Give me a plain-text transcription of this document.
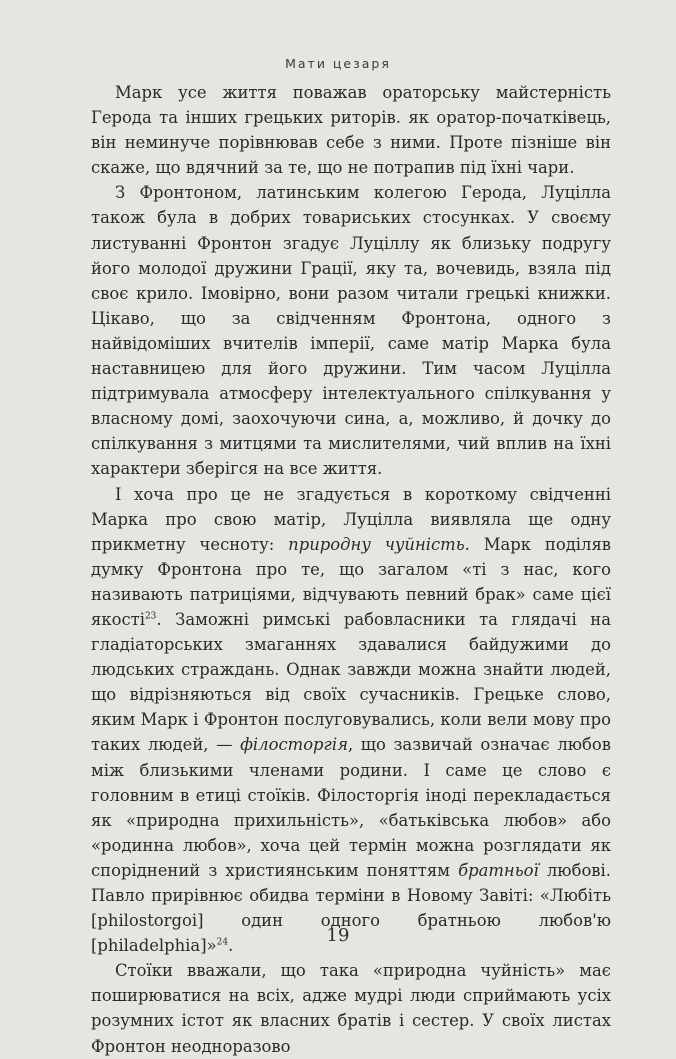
Мати цезаря

Марк усе життя поважав ораторську майстерність Герода та інших грецьких риторів. як оратор-початківець, він неминуче порівнював себе з ними. Проте пізніше він скаже, що вдячний за те, що не потрапив під їхні чари.

З Фронтоном, латинським колегою Герода, Луцілла також була в добрих товариських стосунках. У своєму листуванні Фронтон згадує Луціллу як близьку подругу його молодої дружини Грації, яку та, вочевидь, взяла під своє крило. Імовірно, вони разом читали грецькі книжки. Цікаво, що за свідченням Фронтона, одного з найвідоміших вчителів імперії, саме матір Марка була наставницею для його дружини. Тим часом Луцілла підтримувала атмосферу інтелектуального спілкування у власному домі, заохочуючи сина, а, можливо, й дочку до спілкування з митцями та мислителями, чий вплив на їхні характери зберігся на все життя.

І хоча про це не згадується в короткому свідченні Марка про свою матір, Луцілла виявляла ще одну прикметну чесноту: природну чуйність. Марк поділяв думку Фронтона про те, що загалом «ті з нас, кого називають патриціями, відчувають певний брак» саме цієї якості$^{23}$. Заможні римські рабовласники та глядачі на гладіаторських змаганнях здавалися байдужими до людських страждань. Однак завжди можна знайти людей, що відрізняються від своїх сучасників. Грецьке слово, яким Марк і Фронтон послуговувались, коли вели мову про таких людей, — філосторгія, що зазвичай означає любов між близькими членами родини. І саме це слово є головним в етиці стоїків. Філосторгія іноді перекладається як «природна прихильність», «батьківська любов» або «родинна любов», хоча цей термін можна розглядати як споріднений з християнським поняттям братньої любові. Павло прирівнює обидва терміни в Новому Завіті: «Любіть [philostorgoi] один одного братньою любов'ю [philadelphia]»$^{24}$.

Стоїки вважали, що така «природна чуйність» має поширюватися на всіх, адже мудрі люди сприймають усіх розумних істот як власних братів і сестер. У своїх листах Фронтон неодноразово

19
